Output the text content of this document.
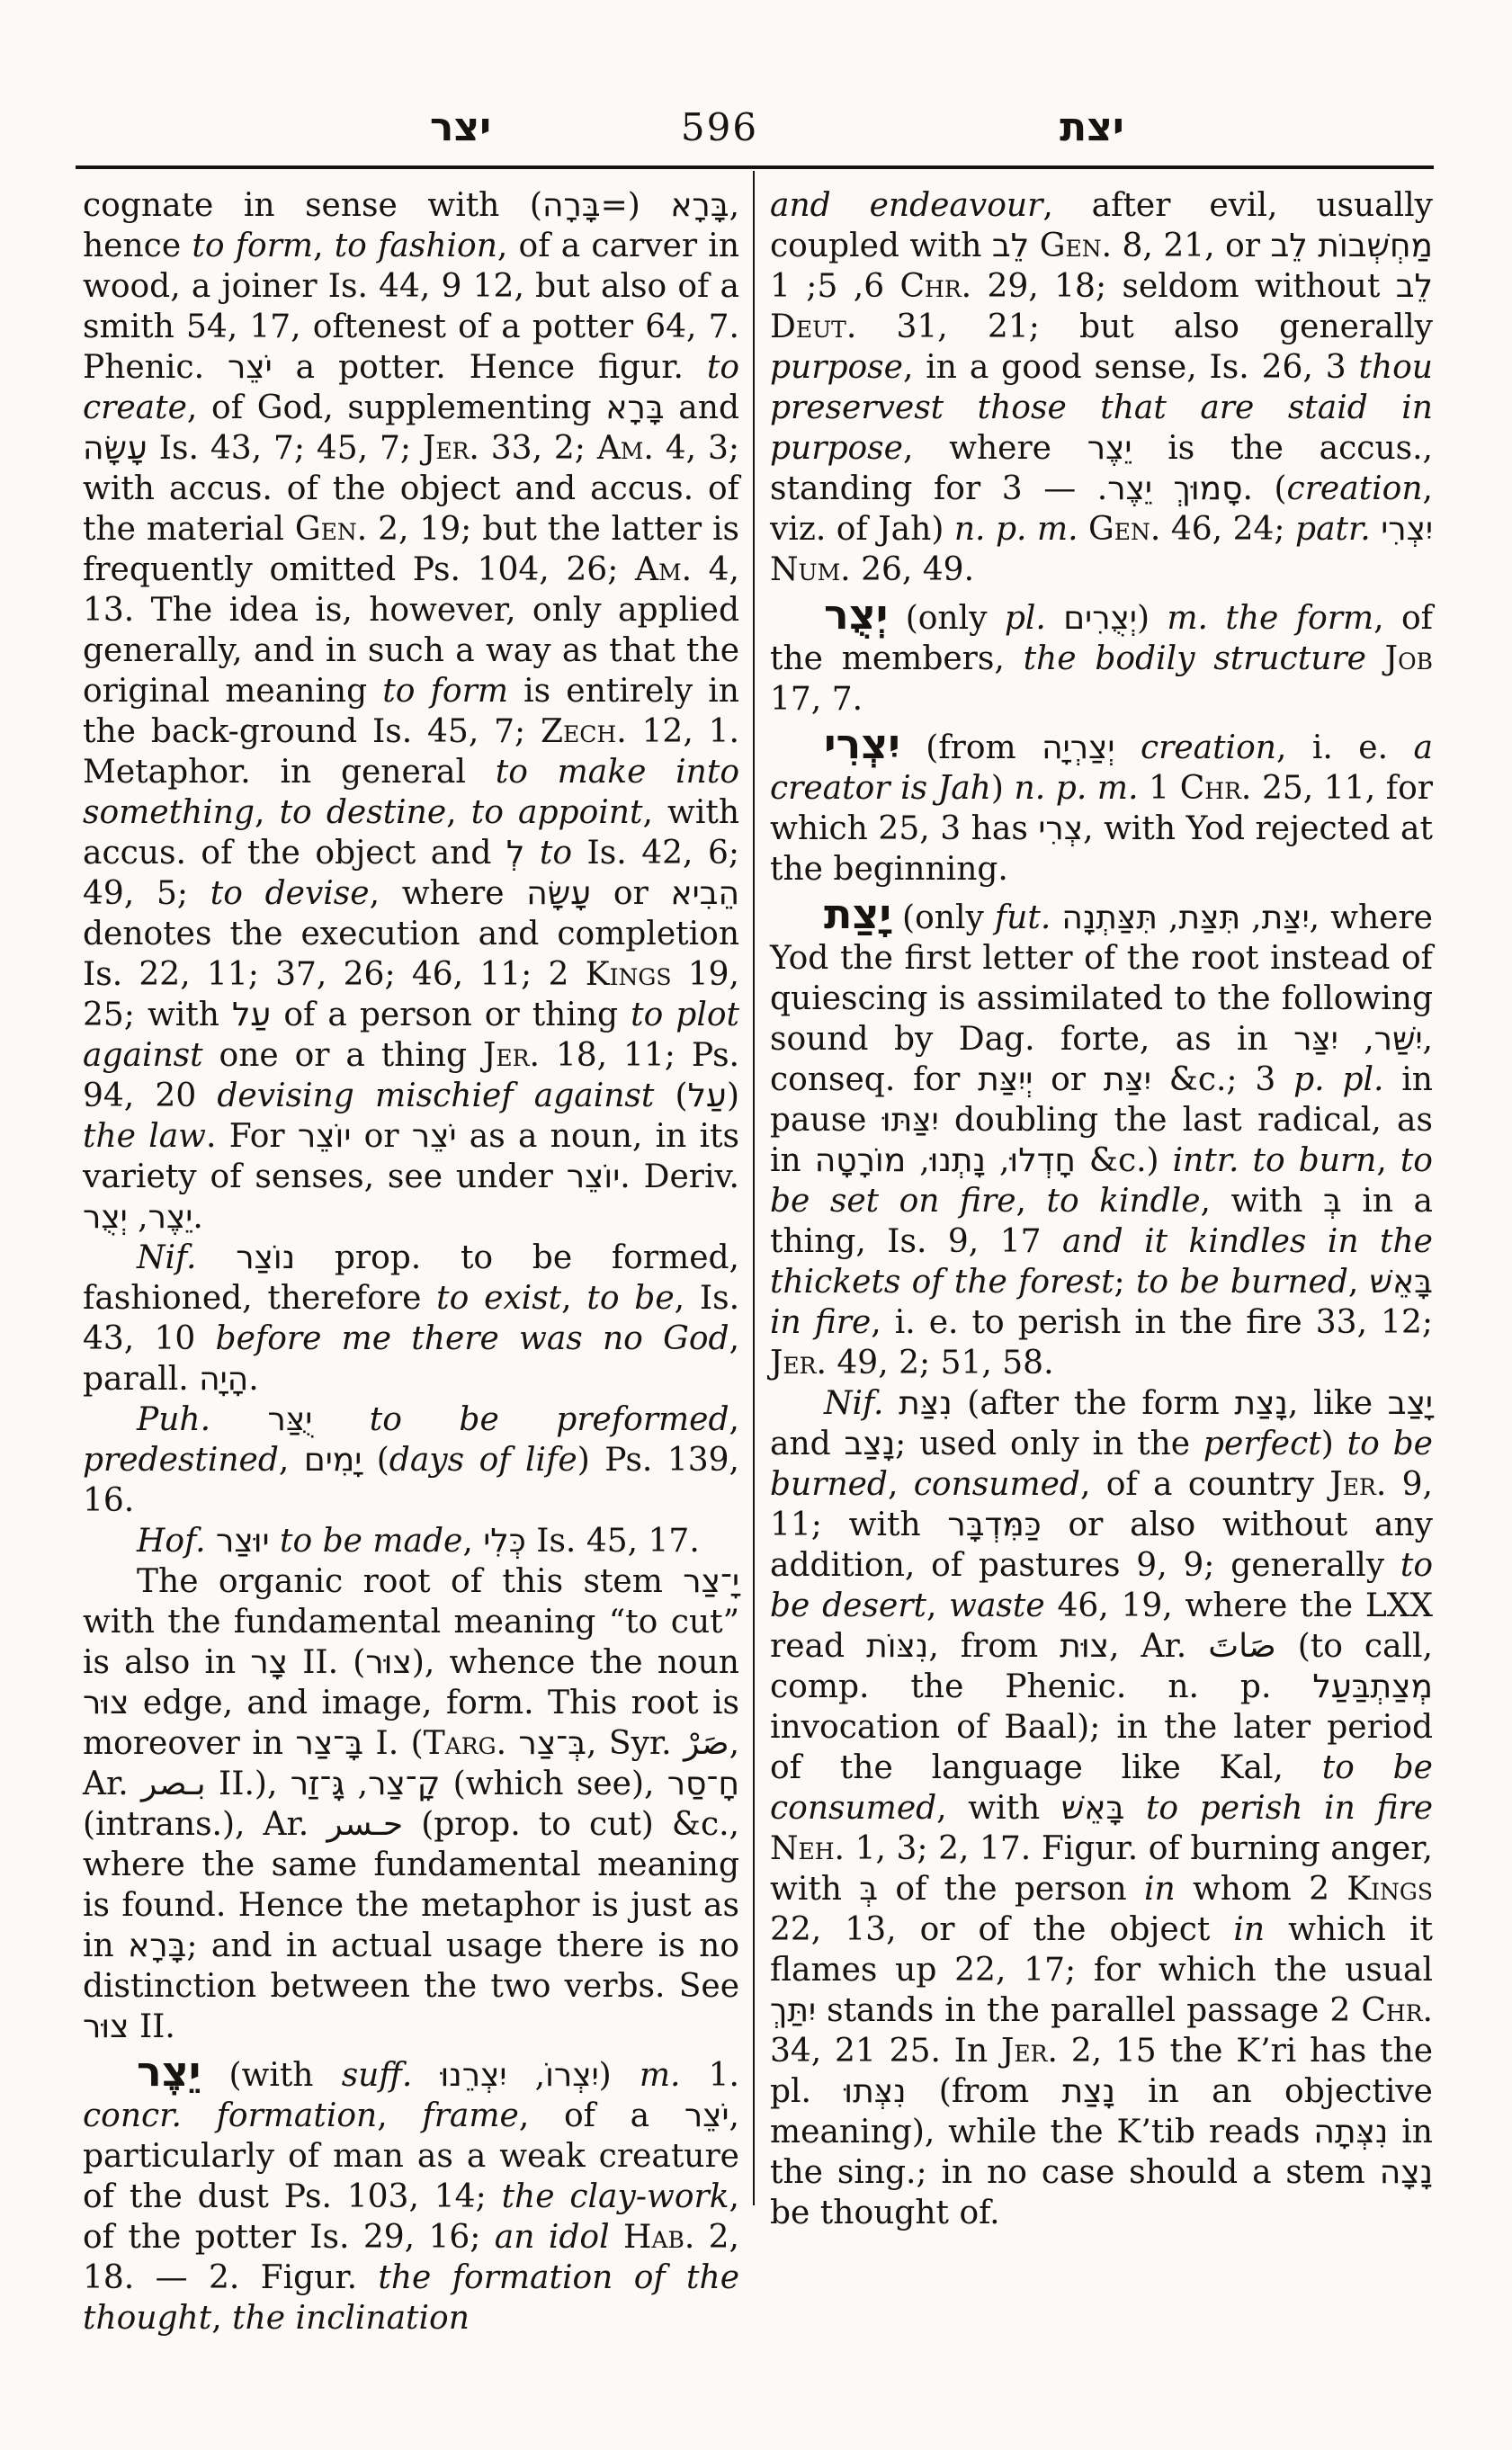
יצר	596	יצת

cognate in sense with בָּרָא (=בָּרָה), hence to form, to fashion, of a carver in wood, a joiner Is. 44, 9 12, but also of a smith 54, 17, oftenest of a potter 64, 7. Phenic. יֹצֵר a potter. Hence figur. to create, of God, supplementing בָּרָא and עָשָׂה Is. 43, 7; 45, 7; Jer. 33, 2; Am. 4, 3; with accus. of the object and accus. of the material Gen. 2, 19; but the latter is frequently omitted Ps. 104, 26; Am. 4, 13. The idea is, however, only applied generally, and in such a way as that the original meaning to form is entirely in the back-ground Is. 45, 7; Zech. 12, 1. Metaphor. in general to make into something, to destine, to appoint, with accus. of the object and לְ to Is. 42, 6; 49, 5; to devise, where עָשָׂה or הֵבִיא denotes the execution and completion Is. 22, 11; 37, 26; 46, 11; 2 Kings 19, 25; with עַל of a person or thing to plot against one or a thing Jer. 18, 11; Ps. 94, 20 devising mischief against (עַל) the law. For יוֹצֵר or יֹצֵר as a noun, in its variety of senses, see under יוֹצֵר. Deriv. יֵצֶר, יְצֻר.

Nif. נוֹצַר prop. to be formed, fashioned, therefore to exist, to be, Is. 43, 10 before me there was no God, parall. הָיָה.

Puh. יֻצַּר to be preformed, predestined, יָמִים (days of life) Ps. 139, 16.

Hof. יוּצַר to be made, כְּלִי Is. 45, 17.

The organic root of this stem יָ־צַר with the fundamental meaning “to cut” is also in צָר II. (צוּר), whence the noun צוּר edge, and image, form. This root is moreover in בָּ־צַר I. (Targ. בְּ־צַר, Syr. صَرْ, Ar. بـصر II.), קָ־צַר, גָּ־זַר (which see), חָ־סַר (intrans.), Ar. حـسر (prop. to cut) &c., where the same fundamental meaning is found. Hence the metaphor is just as in בָּרָא; and in actual usage there is no distinction between the two verbs. See צוּר II.

יֵצֶר (with suff. יִצְרוֹ, יִצְרֵנוּ) m. 1. concr. formation, frame, of a יֹצֵר, particularly of man as a weak creature of the dust Ps. 103, 14; the clay-work, of the potter Is. 29, 16; an idol Hab. 2, 18. — 2. Figur. the formation of the thought, the inclination

and endeavour, after evil, usually coupled with לֵב Gen. 8, 21, or מַחְשְׁבוֹת לֵב 6, 5; 1 Chr. 29, 18; seldom without לֵב Deut. 31, 21; but also generally purpose, in a good sense, Is. 26, 3 thou preservest those that are staid in purpose, where יֵצֶר is the accus., standing for סָמוּךְ יֵצֶר. — 3. (creation, viz. of Jah) n. p. m. Gen. 46, 24; patr. יִצְרִי Num. 26, 49.

יְצֻר (only pl. יְצֻרִים) m. the form, of the members, the bodily structure Job 17, 7.

יִצְרִי (from יְצַרְיָה creation, i. e. a creator is Jah) n. p. m. 1 Chr. 25, 11, for which 25, 3 has צְרִי, with Yod rejected at the beginning.

יָצַת (only fut. יִצַּת, תִּצַּת, תִּצַּתְנָה, where Yod the first letter of the root instead of quiescing is assimilated to the following sound by Dag. forte, as in יִשַּׁר, יִצַּר, conseq. for יְיִצַּת or יִצַּת &c.; 3 p. pl. in pause יִצַּתּוּ doubling the last radical, as in חָדְלוּ, נָתְנוּ, מוֹרָטָה &c.) intr. to burn, to be set on fire, to kindle, with בְּ in a thing, Is. 9, 17 and it kindles in the thickets of the forest; to be burned, בָּאֵשׁ in fire, i. e. to perish in the fire 33, 12; Jer. 49, 2; 51, 58.

Nif. נִצַּת (after the form נָצַת, like יָצַב and נָצַב; used only in the perfect) to be burned, consumed, of a country Jer. 9, 11; with כַּמִּדְבָּר or also without any addition, of pastures 9, 9; generally to be desert, waste 46, 19, where the LXX read נִצּוֹת, from צוּת, Ar. صَاتَ (to call, comp. the Phenic. n. p. מְצַתְבַּעַל invocation of Baal); in the later period of the language like Kal, to be consumed, with בָּאֵשׁ to perish in fire Neh. 1, 3; 2, 17. Figur. of burning anger, with בְּ of the person in whom 2 Kings 22, 13, or of the object in which it flames up 22, 17; for which the usual יִתַּךְ stands in the parallel passage 2 Chr. 34, 21 25. In Jer. 2, 15 the K’ri has the pl. נִצְּתוּ (from נָצַת in an objective meaning), while the K’tib reads נִצְּתָה in the sing.; in no case should a stem נָצָה be thought of.
